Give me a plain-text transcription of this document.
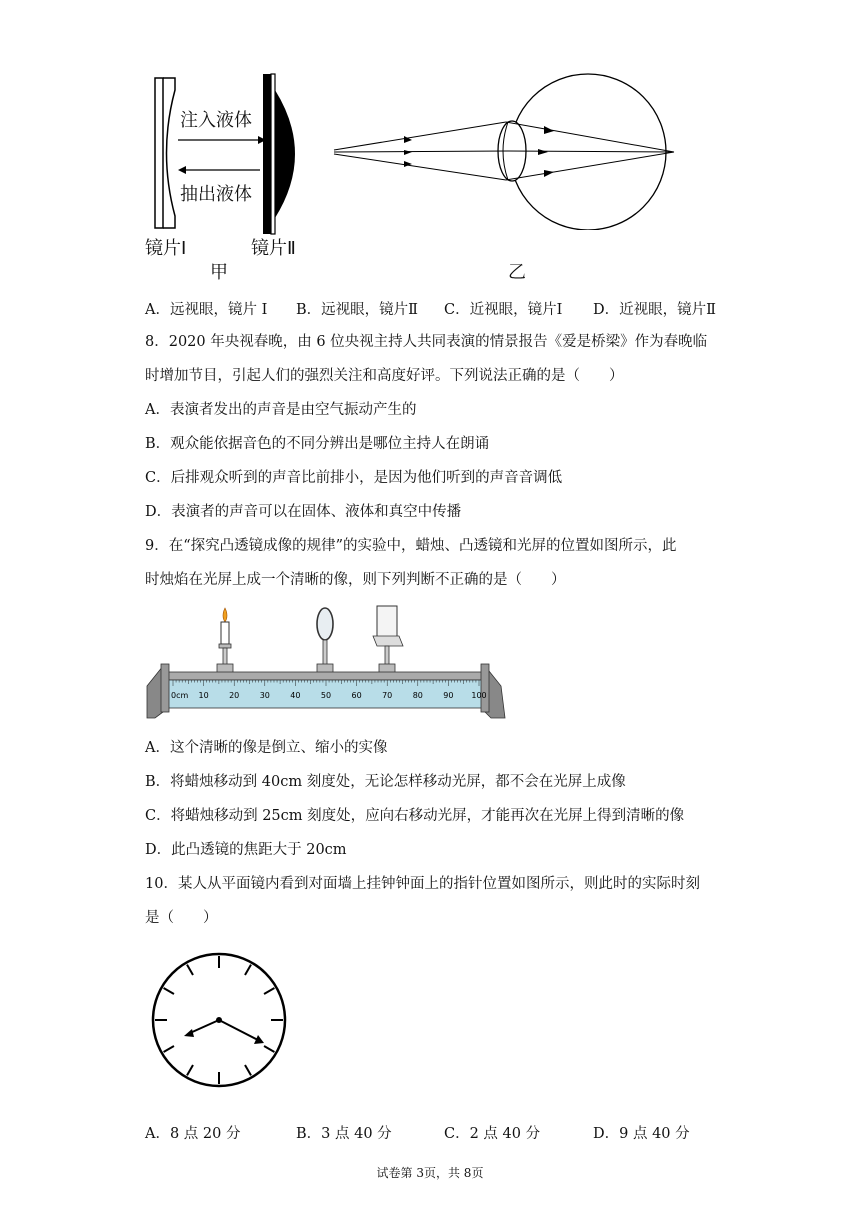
注入液体
抽出液体
镜片Ⅰ	镜片Ⅱ
甲	乙
A．远视眼，镜片 Ⅰ B．远视眼，镜片Ⅱ C．近视眼，镜片Ⅰ D．近视眼，镜片Ⅱ
8．2020 年央视春晚，由 6 位央视主持人共同表演的情景报告《爱是桥梁》作为春晚临
时增加节目，引起人们的强烈关注和高度好评。下列说法正确的是（　　）
A．表演者发出的声音是由空气振动产生的
B．观众能依据音色的不同分辨出是哪位主持人在朗诵
C．后排观众听到的声音比前排小，是因为他们听到的声音音调低
D．表演者的声音可以在固体、液体和真空中传播
9．在“探究凸透镜成像的规律”的实验中，蜡烛、凸透镜和光屏的位置如图所示，此
时烛焰在光屏上成一个清晰的像，则下列判断不正确的是（　　）
0cm 10	20	30	40	50	60	70	80	90 100
A．这个清晰的像是倒立、缩小的实像
B．将蜡烛移动到 40cm 刻度处，无论怎样移动光屏，都不会在光屏上成像
C．将蜡烛移动到 25cm 刻度处，应向右移动光屏，才能再次在光屏上得到清晰的像
D．此凸透镜的焦距大于 20cm
10．某人从平面镜内看到对面墙上挂钟钟面上的指针位置如图所示，则此时的实际时刻
是（　　）
A．8 点 20 分	B．3 点 40 分	C．2 点 40 分	D．9 点 40 分
试卷第 3页，共 8页
